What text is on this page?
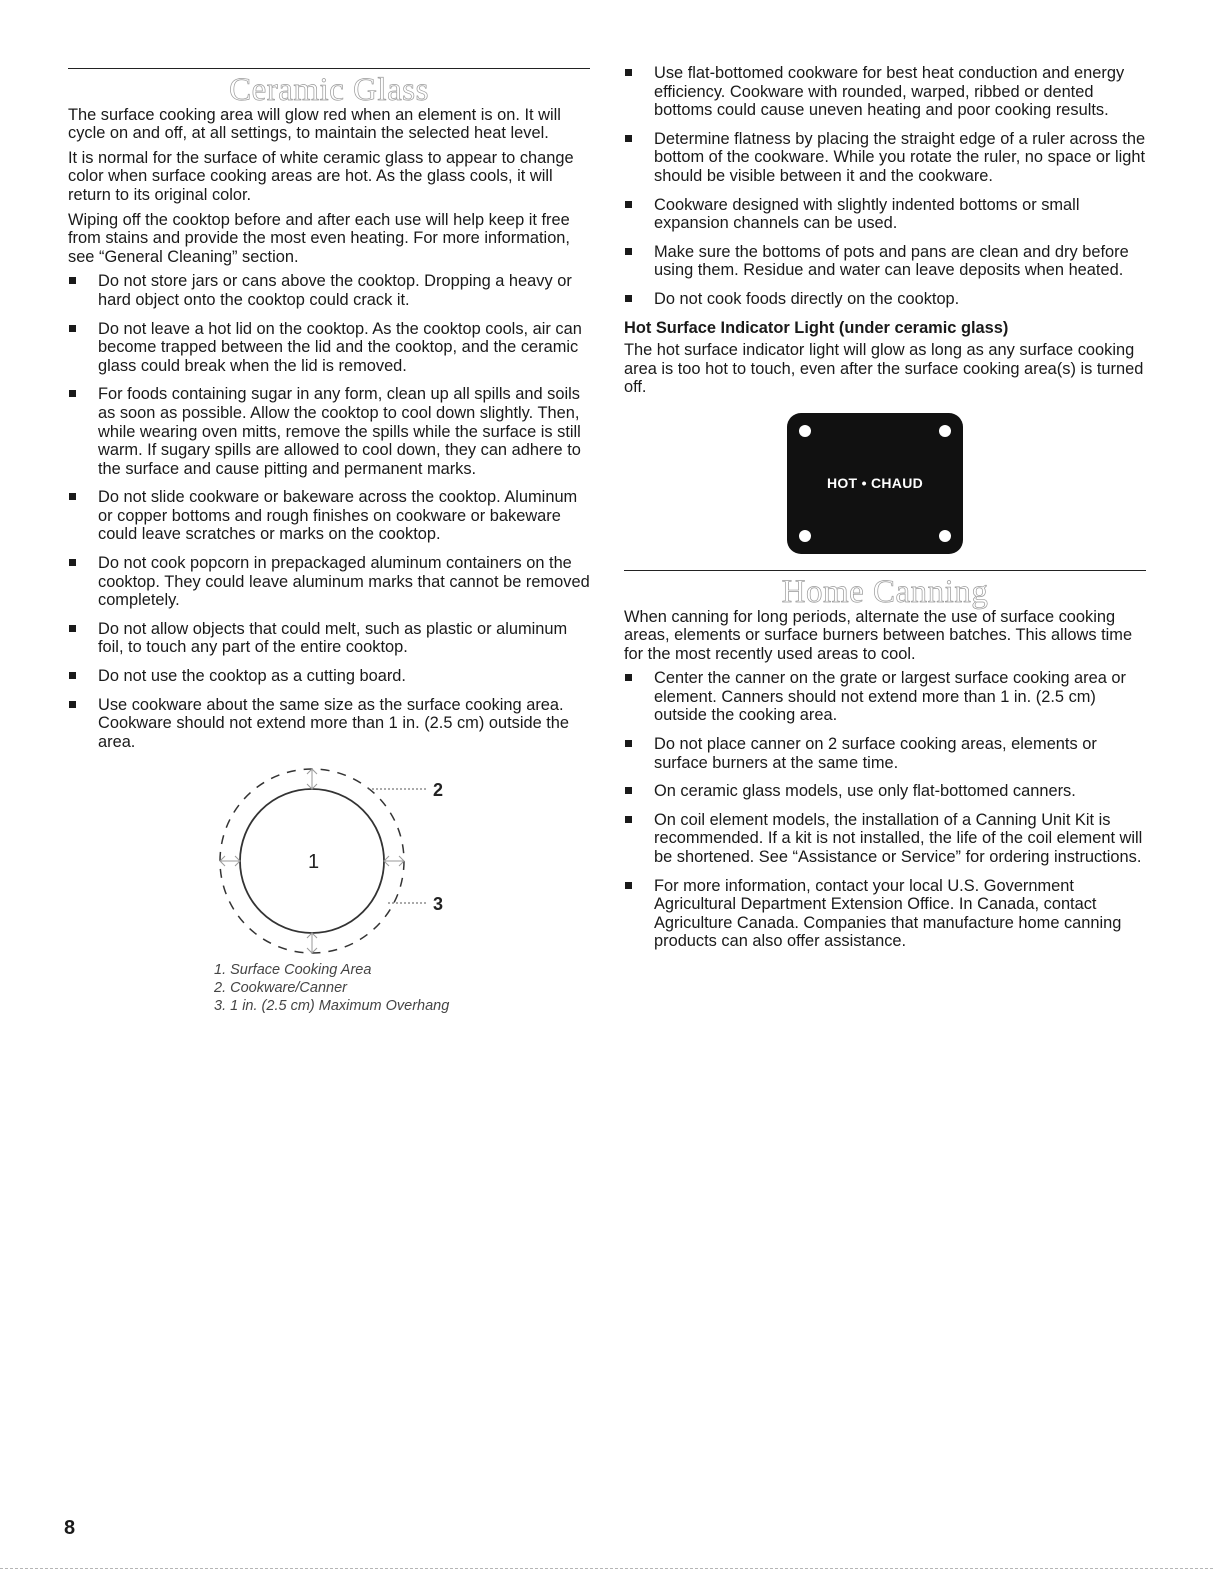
Ceramic Glass

The surface cooking area will glow red when an element is on. It will cycle on and off, at all settings, to maintain the selected heat level.

It is normal for the surface of white ceramic glass to appear to change color when surface cooking areas are hot. As the glass cools, it will return to its original color.

Wiping off the cooktop before and after each use will help keep it free from stains and provide the most even heating. For more information, see “General Cleaning” section.

Do not store jars or cans above the cooktop. Dropping a heavy or hard object onto the cooktop could crack it.
Do not leave a hot lid on the cooktop. As the cooktop cools, air can become trapped between the lid and the cooktop, and the ceramic glass could break when the lid is removed.
For foods containing sugar in any form, clean up all spills and soils as soon as possible. Allow the cooktop to cool down slightly. Then, while wearing oven mitts, remove the spills while the surface is still warm. If sugary spills are allowed to cool down, they can adhere to the surface and cause pitting and permanent marks.
Do not slide cookware or bakeware across the cooktop. Aluminum or copper bottoms and rough finishes on cookware or bakeware could leave scratches or marks on the cooktop.
Do not cook popcorn in prepackaged aluminum containers on the cooktop. They could leave aluminum marks that cannot be removed completely.
Do not allow objects that could melt, such as plastic or aluminum foil, to touch any part of the entire cooktop.
Do not use the cooktop as a cutting board.
Use cookware about the same size as the surface cooking area. Cookware should not extend more than 1 in. (2.5 cm) outside the area.
1
2
3
1. Surface Cooking Area
2. Cookware/Canner
3. 1 in. (2.5 cm) Maximum Overhang
Use flat-bottomed cookware for best heat conduction and energy efficiency. Cookware with rounded, warped, ribbed or dented bottoms could cause uneven heating and poor cooking results.
Determine flatness by placing the straight edge of a ruler across the bottom of the cookware. While you rotate the ruler, no space or light should be visible between it and the cookware.
Cookware designed with slightly indented bottoms or small expansion channels can be used.
Make sure the bottoms of pots and pans are clean and dry before using them. Residue and water can leave deposits when heated.
Do not cook foods directly on the cooktop.
Hot Surface Indicator Light (under ceramic glass)

The hot surface indicator light will glow as long as any surface cooking area is too hot to touch, even after the surface cooking area(s) is turned off.

HOT • CHAUD
Home Canning

When canning for long periods, alternate the use of surface cooking areas, elements or surface burners between batches. This allows time for the most recently used areas to cool.

Center the canner on the grate or largest surface cooking area or element. Canners should not extend more than 1 in. (2.5 cm) outside the cooking area.
Do not place canner on 2 surface cooking areas, elements or surface burners at the same time.
On ceramic glass models, use only flat-bottomed canners.
On coil element models, the installation of a Canning Unit Kit is recommended. If a kit is not installed, the life of the coil element will be shortened. See “Assistance or Service” for ordering instructions.
For more information, contact your local U.S. Government Agricultural Department Extension Office. In Canada, contact Agriculture Canada. Companies that manufacture home canning products can also offer assistance.
8
